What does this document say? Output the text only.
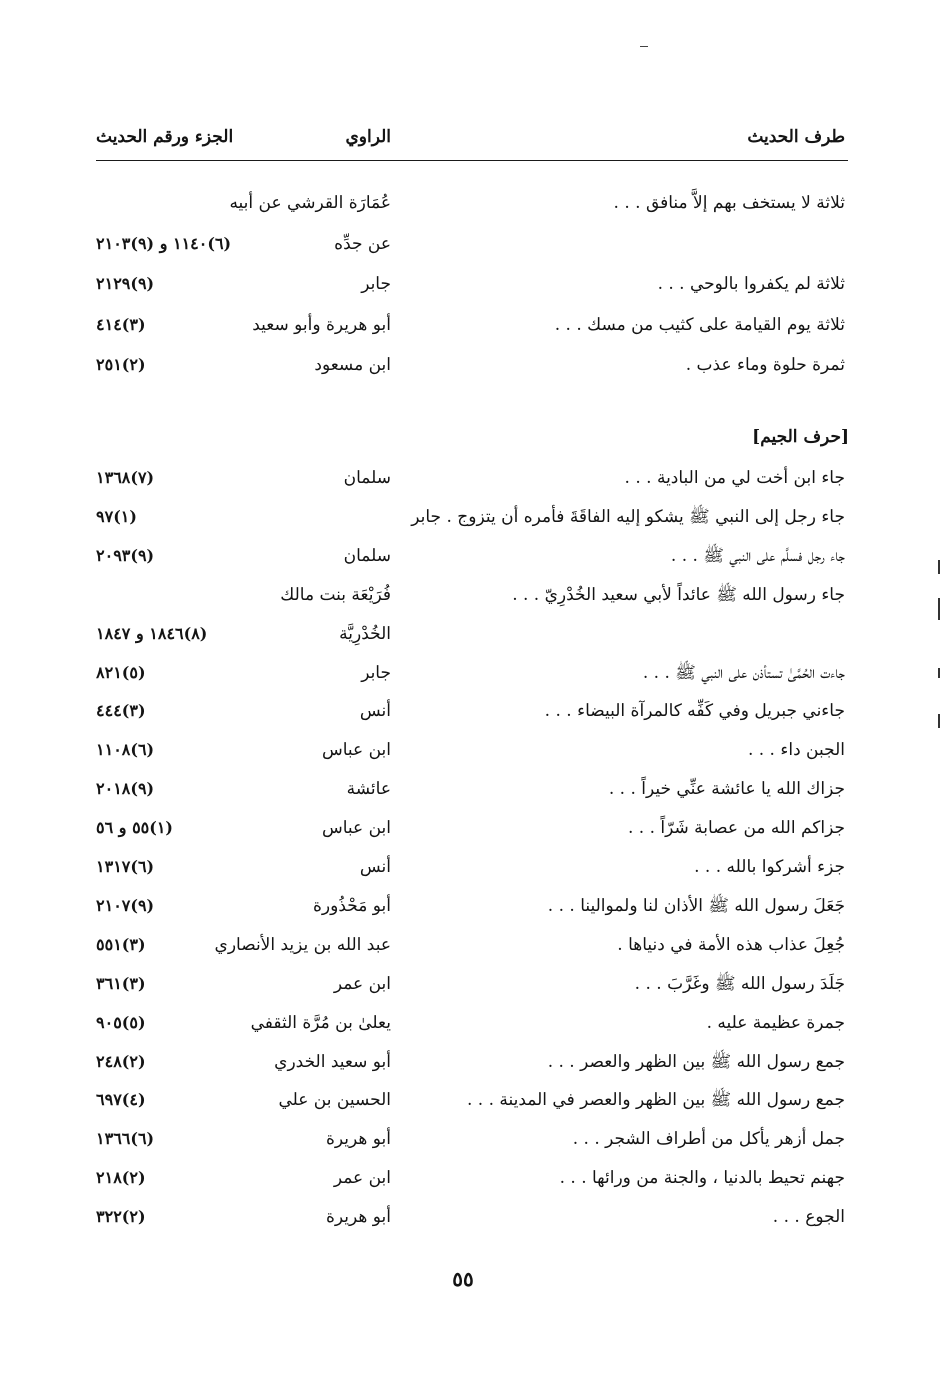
طرف الحديث
الراوي
الجزء ورقم الحديث
ثلاثة لا يستخف بهم إلاَّ منافق . . .
عُمَارَة القرشي عن أبيه
عن جدِّه
(٦)١١٤٠ و (٩)٢١٠٣
ثلاثة لم يكفروا بالوحي . . .
جابر
(٩)٢١٢٩
ثلاثة يوم القيامة على كثيب من مسك . . .
أبو هريرة وأبو سعيد
(٣)٤١٤
ثمرة حلوة وماء عذب .
ابن مسعود
(٢)٢٥١
[حرف الجيم]
جاء ابن أخت لي من البادية . . .
سلمان
(٧)١٣٦٨
جاء رجل إلى النبي ﷺ يشكو إليه الفاقَةَ فأمره أن يتزوج . جابر
(١)٩٧
جاء رجل فسلَّم على النبي ﷺ . . .
سلمان
(٩)٢٠٩٣
جاء رسول الله ﷺ عائداً لأبي سعيد الخُدْرِيّ . . .
فُرَيْعَة بنت مالك
الخُدْرِيَّة
(٨)١٨٤٦ و ١٨٤٧
جاءت الحُمَّىٰ تستأذن على النبي ﷺ . . .
جابر
(٥)٨٢١
جاءني جبريل وفي كَفِّه كالمرآة البيضاء . . .
أنس
(٣)٤٤٤
الجبن داء . . .
ابن عباس
(٦)١١٠٨
جزاك الله يا عائشة عنِّي خيراً . . .
عائشة
(٩)٢٠١٨
جزاكم الله من عصابة شَرّاً . . .
ابن عباس
(١)٥٥ و ٥٦
جزء أشركوا بالله . . .
أنس
(٦)١٣١٧
جَعَلَ رسول الله ﷺ الأذان لنا ولموالينا . . .
أبو مَحْذُورة
(٩)٢١٠٧
جُعِلَ عذاب هذه الأمة في دنياها .
عبد الله بن يزيد الأنصاري
(٣)٥٥١
جَلَدَ رسول الله ﷺ وغَرَّبَ . . .
ابن عمر
(٣)٣٦١
جمرة عظيمة عليه .
يعلىٰ بن مُرَّة الثقفي
(٥)٩٠٥
جمع رسول الله ﷺ بين الظهر والعصر . . .
أبو سعيد الخدري
(٢)٢٤٨
جمع رسول الله ﷺ بين الظهر والعصر في المدينة . . .
الحسين بن علي
(٤)٦٩٧
جمل أزهر يأكل من أطراف الشجر . . .
أبو هريرة
(٦)١٣٦٦
جهنم تحيط بالدنيا ، والجنة من ورائها . . .
ابن عمر
(٢)٢١٨
الجوع . . .
أبو هريرة
(٢)٣٢٢
٥٥
